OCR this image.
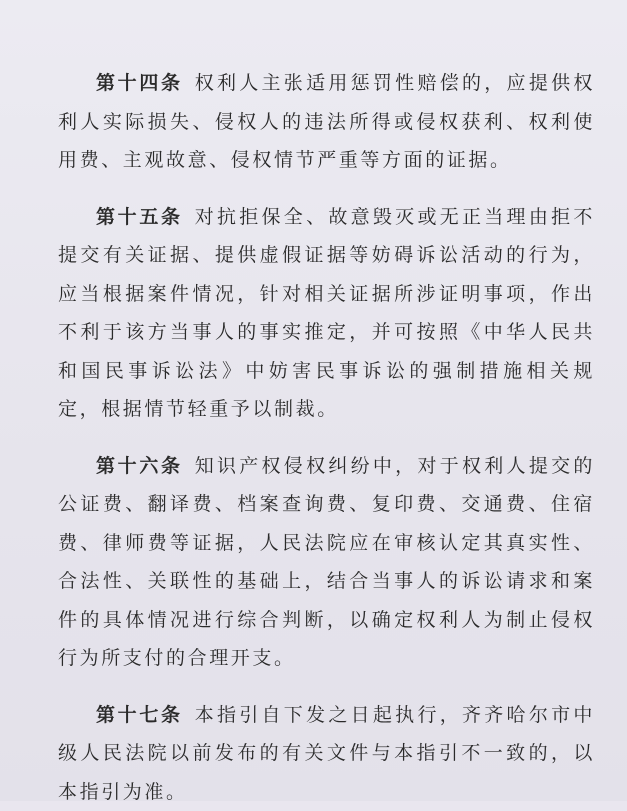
第十四条 权利人主张适用惩罚性赔偿的，应提供权利人实际损失、侵权人的违法所得或侵权获利、权利使用费、主观故意、侵权情节严重等方面的证据。

第十五条 对抗拒保全、故意毁灭或无正当理由拒不提交有关证据、提供虚假证据等妨碍诉讼活动的行为，应当根据案件情况，针对相关证据所涉证明事项，作出不利于该方当事人的事实推定，并可按照《中华人民共和国民事诉讼法》中妨害民事诉讼的强制措施相关规定，根据情节轻重予以制裁。

第十六条 知识产权侵权纠纷中，对于权利人提交的公证费、翻译费、档案查询费、复印费、交通费、住宿费、律师费等证据，人民法院应在审核认定其真实性、合法性、关联性的基础上，结合当事人的诉讼请求和案件的具体情况进行综合判断，以确定权利人为制止侵权行为所支付的合理开支。

第十七条 本指引自下发之日起执行，齐齐哈尔市中级人民法院以前发布的有关文件与本指引不一致的，以本指引为准。
